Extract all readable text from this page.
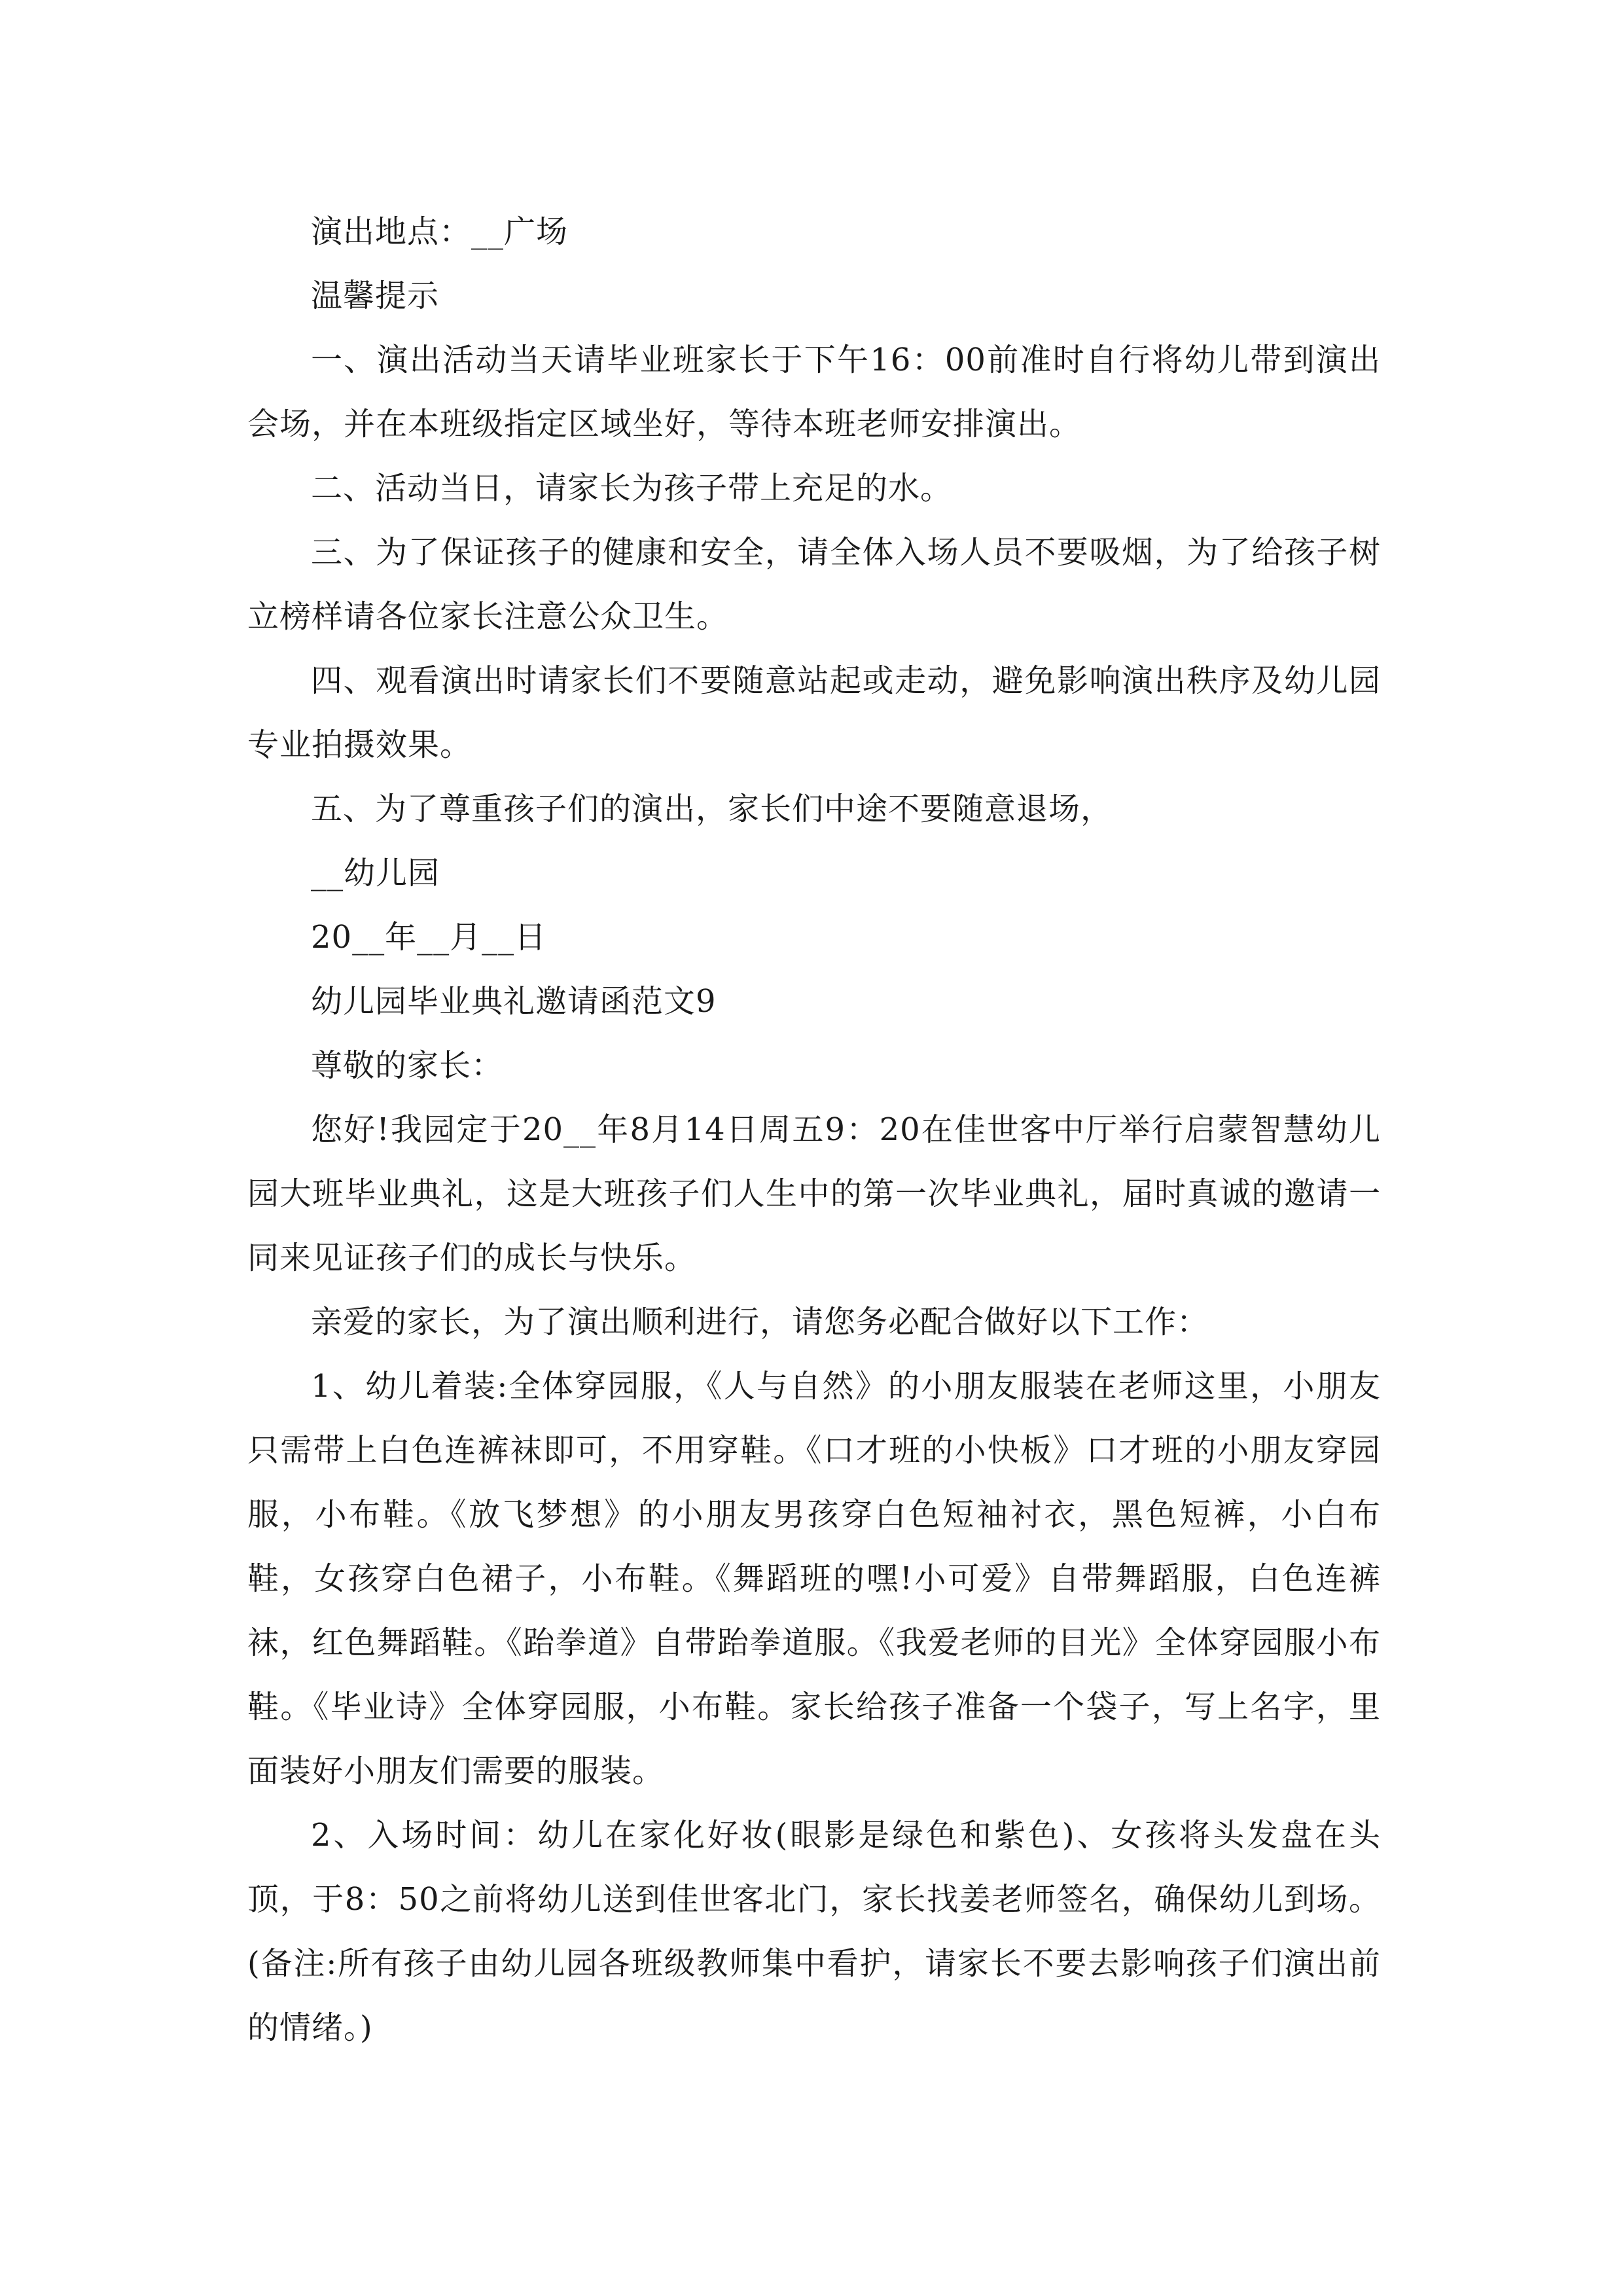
演出地点：__广场
温馨提示

一、演出活动当天请毕业班家长于下午16：00前准时自行将幼儿带到演出会场，并在本班级指定区域坐好，等待本班老师安排演出。

二、活动当日，请家长为孩子带上充足的水。

三、为了保证孩子的健康和安全，请全体入场人员不要吸烟，为了给孩子树立榜样请各位家长注意公众卫生。

四、观看演出时请家长们不要随意站起或走动，避免影响演出秩序及幼儿园专业拍摄效果。

五、为了尊重孩子们的演出，家长们中途不要随意退场，

__幼儿园
20__年__月__日
幼儿园毕业典礼邀请函范文9
尊敬的家长：

您好!我园定于20__年8月14日周五9：20在佳世客中厅举行启蒙智慧幼儿园大班毕业典礼，这是大班孩子们人生中的第一次毕业典礼，届时真诚的邀请一同来见证孩子们的成长与快乐。

亲爱的家长，为了演出顺利进行，请您务必配合做好以下工作：

1、幼儿着装:全体穿园服，《人与自然》的小朋友服装在老师这里，小朋友只需带上白色连裤袜即可，不用穿鞋。《口才班的小快板》口才班的小朋友穿园服，小布鞋。《放飞梦想》的小朋友男孩穿白色短袖衬衣，黑色短裤，小白布鞋，女孩穿白色裙子，小布鞋。《舞蹈班的嘿!小可爱》自带舞蹈服，白色连裤袜，红色舞蹈鞋。《跆拳道》自带跆拳道服。《我爱老师的目光》全体穿园服小布鞋。《毕业诗》全体穿园服，小布鞋。家长给孩子准备一个袋子，写上名字，里面装好小朋友们需要的服装。

2、入场时间：幼儿在家化好妆(眼影是绿色和紫色)、女孩将头发盘在头顶，于8：50之前将幼儿送到佳世客北门，家长找姜老师签名，确保幼儿到场。(备注:所有孩子由幼儿园各班级教师集中看护，请家长不要去影响孩子们演出前的情绪。)
